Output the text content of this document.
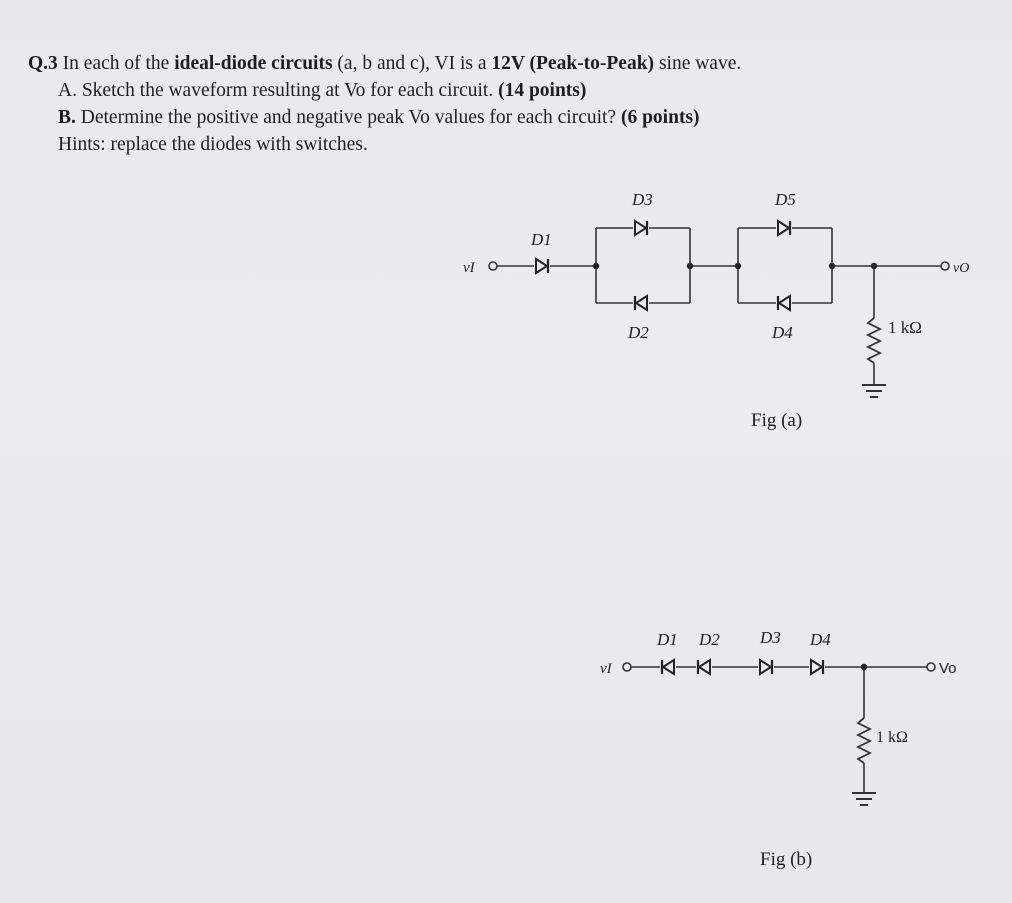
Q.3 In each of the ideal-diode circuits (a, b and c), VI is a 12V (Peak-to-Peak) sine wave.
A. Sketch the waveform resulting at Vo for each circuit. (14 points)
B. Determine the positive and negative peak Vo values for each circuit? (6 points)
Hints: replace the diodes with switches.
vI	vO
D1
D2
D3
D4
D5
1 kΩ
vI	Vo
D1 D2 D3 D4
1 kΩ
Fig (a)
Fig (b)
